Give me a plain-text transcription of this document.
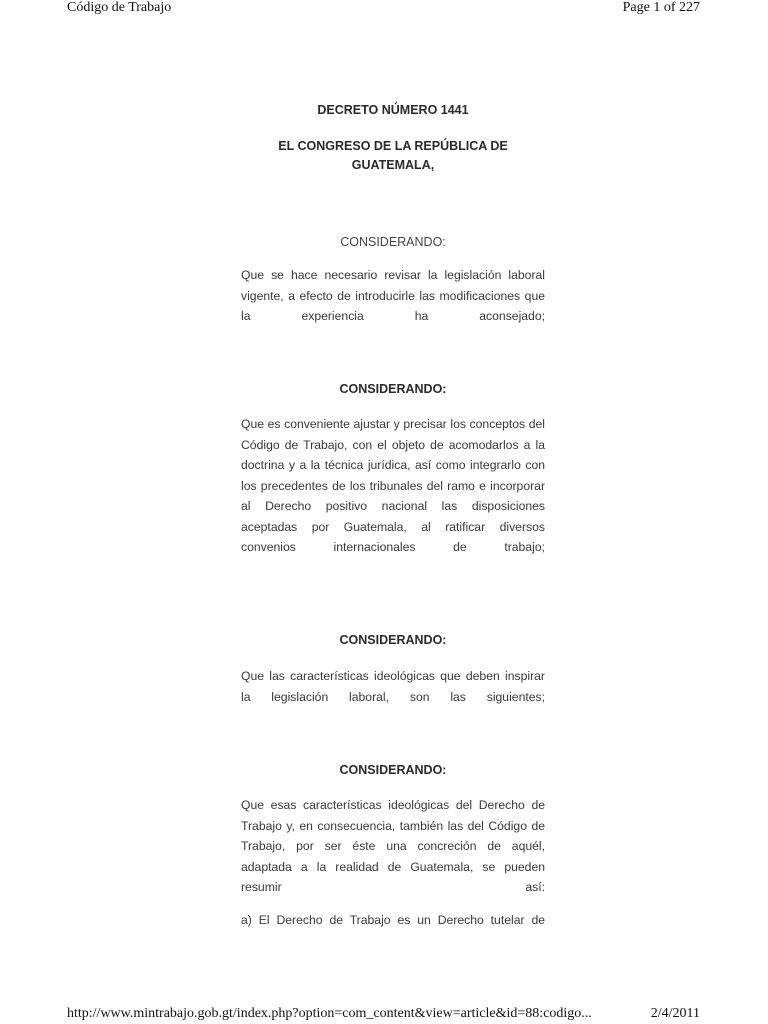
Código de Trabajo	Page 1 of 227
DECRETO NÚMERO 1441
EL CONGRESO DE LA REPÚBLICA DE
GUATEMALA,
CONSIDERANDO:
Que se hace necesario revisar la legislación laboral vigente, a efecto de introducirle las modificaciones que la experiencia ha aconsejado;
CONSIDERANDO:
Que es conveniente ajustar y precisar los conceptos del Código de Trabajo, con el objeto de acomodarlos a la doctrina y a la técnica jurídica, así como integrarlo con los precedentes de los tribunales del ramo e incorporar al Derecho positivo nacional las disposiciones aceptadas por Guatemala, al ratificar diversos convenios internacionales de trabajo;
CONSIDERANDO:
Que las características ideológicas que deben inspirar la legislación laboral, son las siguientes;
CONSIDERANDO:
Que esas características ideológicas del Derecho de Trabajo y, en consecuencia, también las del Código de Trabajo, por ser éste una concreción de aquél, adaptada a la realidad de Guatemala, se pueden resumir así:
a) El Derecho de Trabajo es un Derecho tutelar de
http://www.mintrabajo.gob.gt/index.php?option=com_content&view=article&id=88:codigo...	2/4/2011
